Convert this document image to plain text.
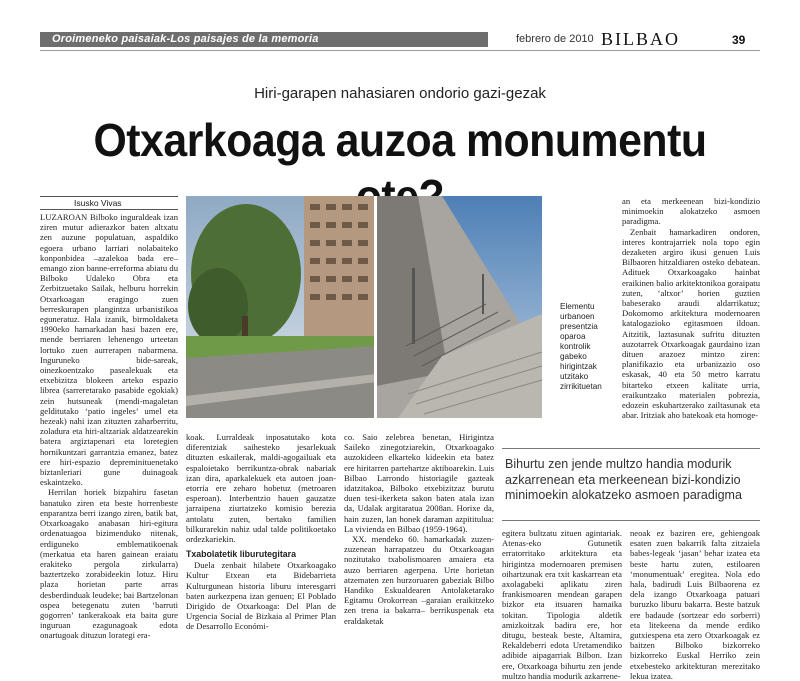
Oroimeneko paisaiak-Los paisajes de la memoria	febrero de 2010 BILBAO	39
Hiri-garapen nahasiaren ondorio gazi-gezak
Otxarkoaga auzoa monumentu
Isusko Vivas

LUZAROAN Bilboko inguraldeak izan ziren mutur adierazkor baten altxatu zen auzune populatuan, aspaldiko egoera urbano larriari nolabaiteko konponbidea –azalekoa bada ere– emango zion banne-erreforma abiatu du Bilboko Udaleko Obra eta Zerbitzuetako Sailak, helburu horrekin Otxarkoagan eragingo zuen berreskurapen plangintza urbanistikoa eguneratuz. Hala izanik, birmoldaketa 1990eko hamarkadan hasi bazen ere, mende berriaren lehenengo urteetan lortuko zuen aurrerapen nabarmena. Inguruneko bide-sareak, oinezkoentzako pasealekuak eta etxebizitza blokeen arteko espazio librea (sarreretarako pasabide egokiak) zein hutsuneak (mendi-magaletan gelditutako ‘patio ingeles’ umel eta hezeak) nahi izan zituzten zaharberritu, zoladura eta hiri-altzariak aldatzearekin batera argiztapenari eta loretegien hornikuntzari garrantzia emanez, batez ere hiri-espazio depreminituenetako biztanleriari gune duinagoak eskaintzeko.

Herrilan horiek bizpahiru fasetan banatuko ziren eta beste horrenbeste enparantza berri izango ziren, batik bat, Otxarkoagako anabasan hiri-egitura ordenatuagoa bizimenduko nitenak, erdiguneko emblematikoenak (merkatua eta haren gainean eraiatu erakiteko pergola zirkularra) baztertzeko zorabideekin lotuz. Hiru plaza horietan parte arras desberdinduak leudeke; bai Bartzelonan ospea betegenatu zuten ‘barruti gogorren’ tankerakoak eta baita gure inguruan ezagunagoak edota onartugoak dituzun lorategi era-

Elementu urbanoen presentzia oparoa kontrolik gabeko hirigintzak utzitako zirrikituetan

an eta merkeenean bizi-kondizio minimoekin alokatzeko asmoen paradigma.

Zenbait hamarkadiren ondoren, interes kontrajarriek nola topo egin dezaketen argiro ikusi genuen Luis Bilbaoren hitzaldiaren osteko debatean. Adituek Otxarkoagako hainbat eraikinen balio arkitektonikoa goraipatu zuten, ‘altxor’ horien guztien babeserako araudi aldarrikatuz; Dokomomo arkitektura modernoaren katalogazioko egitasmoen ildoan. Aitzitik, laztasunak sufritu dituzten auzotarrek Otxarkoagak gaurdaino izan dituen arazoez mintzo ziren: planifikazio eta urbanizazio oso eskasak, 40 eta 50 metro karratu bitarteko etxeen kalitate urria, eraikuntzako materialen pobrezia, edozein eskuhartzerako zailtasunak eta abar. Iritziak aho batekoak eta homoge-

koak. Lurraldeak inposatutako kota diferentziak saihesteko jesarlekuak dituzten eskailerak, maldi-agogailuak eta espaloietako berrikuntza-obrak nabariak izan dira, aparkalekuek eta autoen joan-etorria ere zeharo hobetuz (metroaren esperoan). Interbentzio hauen gauzatze jarraipena ziurtatzeko komisio berezia antolatu zuten, bertako familien bilkurarekin nahiz udal talde politikoetako ordezkariekin.

Txabolatetik liburutegitara

Duela zenbait hilabete Otxarkoagako Kultur Etxean eta Bidebarrieta Kulturgunean historia liburu interesgarri baten aurkezpena izan genuen; El Poblado Dirigido de Otxarkoaga: Del Plan de Urgencia Social de Bizkaia al Primer Plan de Desarrollo Económi-

co. Saio zelebrea benetan, Hirigintza Saileko zinegotziarekin, Otxarkoagako auzokideen elkarteko kideekin eta batez ere hiritarren partehartze aktiboarekin. Luis Bilbao Larrondo historiagile gazteak idatzitakoa, Bilboko etxebizitzaz burutu duen tesi-ikerketa sakon baten atala izan da, Udalak argitaratua 2008an. Horixe da, hain zuzen, lan honek daraman azpititulua: La vivienda en Bilbao (1959-1964).

XX. mendeko 60. hamarkadak zuzen-zuzenean harrapatzeu du Otxarkoagan nozitutako txabolismoaren amaiera eta auzo berriaren agerpena. Urte horietan atzematen zen hurzoruaren gabeziak Bilbo Handiko Eskualdearen Antolaketarako Egitamu Orokorrean –garaian eraikitzeko zen trena ia bakarra– berrikuspenak eta eraldaketak

Bihurtu zen jende multzo handia modurik azkarrenean eta merkeenean bizi-kondizio minimoekin alokatzeko asmoen paradigma

egitera bultzatu zituen agintariak. Atenas-eko Gutunetik erratorritako arkitektura eta hirigintza modernoaren premisen oihartzunak era txit kaskarrean eta axolagabeki aplikatu ziren frankismoaren mendean garapen bizkor eta itsuaren hamaika tokitan. Tipologia aldetik amizkoitzak badira ere, hor ditugu, besteak beste, Altamira, Rekaldeberri edota Uretamendiko adibide aipagarriak Bilbon. Izan ere, Otxarkoaga bihurtu zen jende multzo handia modurik azkarrene-

neoak ez baziren ere, gehiengoak esaten zuen bakarrik falta zitzaiela babes-legeak ‘jasan’ behar izatea eta beste hartu zuten, estiloaren ‘monumentuak’ eregitea. Nola edo hala, badirudi Luis Bilbaorena ez dela izango Otxarkoaga patuari buruzko liburu bakarra. Beste batzuk ere badaude (sortzear edo sorberri) eta litekeena da mende erdiko gutxiespena eta zero Otxarkoagak ez baitzen Bilboko bizkorreko bizkorreko Euskal Herriko zein etxebesteko arkitekturan merezitako lekua izatea.
